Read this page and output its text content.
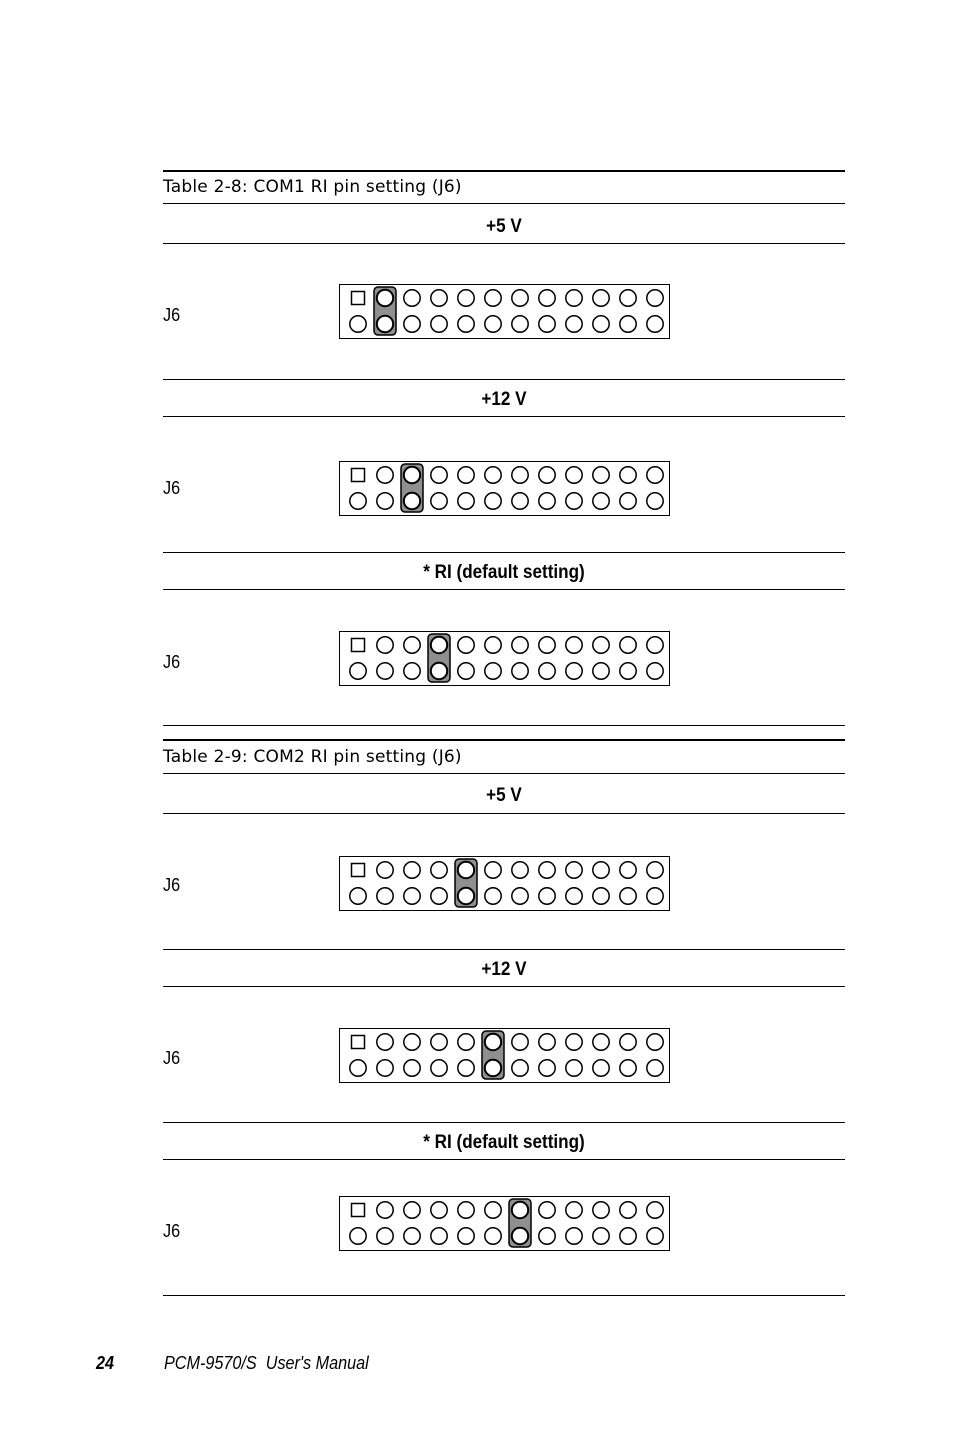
Table 2-8: COM1 RI pin setting (J6)
+5 V
J6
+12 V
J6
* RI (default setting)
J6
Table 2-9: COM2 RI pin setting (J6)
+5 V
J6
+12 V
J6
* RI (default setting)
J6
24	PCM-9570/S  User's Manual
